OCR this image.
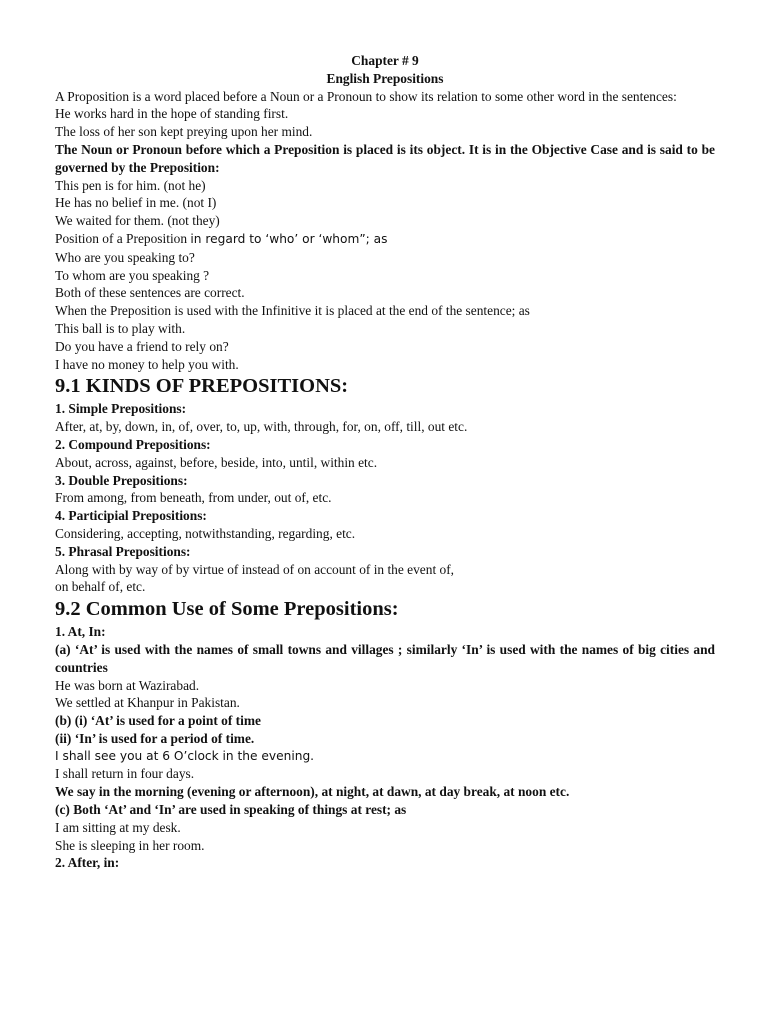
Chapter # 9
English Prepositions
A Proposition is a word placed before a Noun or a Pronoun to show its relation to some other word in the sentences:
He works hard in the hope of standing first.
The loss of her son kept preying upon her mind.
The Noun or Pronoun before which a Preposition is placed is its object. It is in the Objective Case and is said to be governed by the Preposition:
This pen is for him. (not he)
He has no belief in me. (not I)
We waited for them. (not they)
Position of a Preposition in regard to ‘who’ or ‘whom”; as
Who are you speaking to?
To whom are you speaking ?
Both of these sentences are correct.
When the Preposition is used with the Infinitive it is placed at the end of the sentence; as
This ball is to play with.
Do you have a friend to rely on?
I have no money to help you with.
9.1 KINDS OF PREPOSITIONS:
1. Simple Prepositions:
After, at, by, down, in, of, over, to, up, with, through, for, on, off, till, out etc.
2. Compound Prepositions:
About, across, against, before, beside, into, until, within etc.
3. Double Prepositions:
From among, from beneath, from under, out of, etc.
4. Participial Prepositions:
Considering, accepting, notwithstanding, regarding, etc.
5. Phrasal Prepositions:
Along with by way of by virtue of instead of on account of in the event of,
on behalf of, etc.
9.2 Common Use of Some Prepositions:
1. At, In:
(a) ‘At’ is used with the names of small towns and villages ; similarly ‘In’ is used with the names of big cities and countries
He was born at Wazirabad.
We settled at Khanpur in Pakistan.
(b) (i) ‘At’ is used for a point of time
(ii) ‘In’ is used for a period of time.
I shall see you at 6 O’clock in the evening.
I shall return in four days.
We say in the morning (evening or afternoon), at night, at dawn, at day break, at noon etc.
(c) Both ‘At’ and ‘In’ are used in speaking of things at rest; as
I am sitting at my desk.
She is sleeping in her room.
2. After, in:
